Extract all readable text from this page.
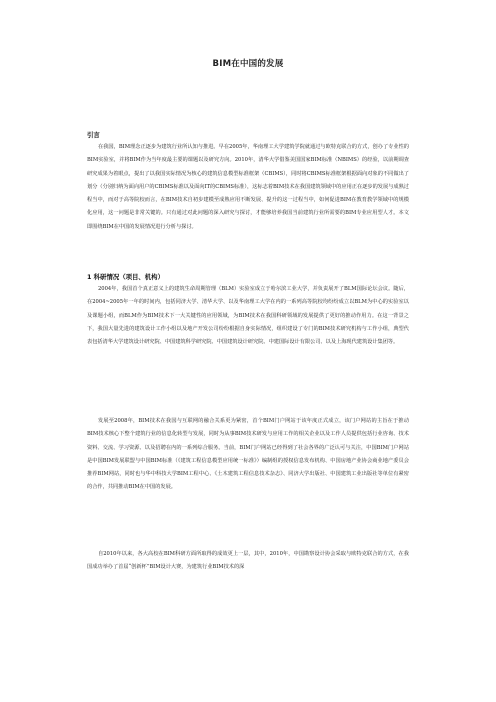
BIM在中国的发展
引言
在我国，BIM理念正逐步为建筑行业所认知与推进。早在2005年，华南理工大学建筑学院就通过与欧特克联合的方式，创办了专业性的BIM实验室，并将BIM作为当年度最主要的课题以及研究方向。2010年，清华大学借鉴美国国家BIM标准（NBIMS）的经验，以前期调查研究成果为着眼点，提出了以我国实际情况为核心的建筑信息模型标准框架（CBIMS），同时将CBIMS标准框架根据面向对象的不同做出了划分（分别归纳为面向用户的CBIMS标准以及面向IT的CBIMS标准），这标志着BIM技术在我国建筑领域中的应用正在逐步的发展与成熟过程当中，而对于高等院校而言，在BIM技术自初步建模至成熟应用不断发展、提升的这一过程当中，如何促进BIM在教育教学领域中的规模化应用，这一问题是非常关键的。只有通过对此问题的深入研究与探讨，才能够培养我国当前建筑行业所需要的BIM专业应用型人才。本文即围绕BIM在中国的发展情况进行分析与探讨。
1 科研情况（项目、机构）
2004年，我国首个真正意义上的建筑生命周期管理（BLM）实验室成立于哈尔滨工业大学，并负责展开了BLM国际论坛会议。随后，在2004~2005年一年的时间内，包括同济大学、清华大学、以及华南理工大学在内的一系列高等院校均纷纷成立以BLM为中心的实验室以及课题小组，而BLM作为BIM技术下一大关键性的应用领域，为BIM技术在我国科研领域的发展提供了更好的推动作用力。在这一背景之下，我国大量先进的建筑设计工作小组以及地产开发公司纷纷根据自身实际情况，组织建设了专门的BIM技术研究机构与工作小组，典型代表包括清华大学建筑设计研究院、中国建筑科学研究院、中国建筑设计研究院、中建国际设计有限公司、以及上海现代建筑设计集团等。
发展至2008年，BIM技术在我国与互联网的融合关系更为紧密，首个BIM门户网站于该年度正式成立，该门户网站的主旨在于推动BIM技术核心下整个建筑行业的信息化转型与发展，同时为从事BIM技术研发与应用工作的相关企业以及工作人员提供包括行业咨询、技术资料、交流、学习资源、以及招聘在内的一系列综合服务。当前，BIM门户网站已经得到了社会各界的广泛认可与关注，中国BIM门户网站是中国BIM发展联盟与中国BIM标准（《建筑工程信息模型应用统一标准》）编制组的授权信息发布机构、中国房地产业协会商业地产委员会推荐BIM网站，同时也与华中科技大学BIM工程中心、《土木建筑工程信息技术杂志》、同济大学出版社、中国建筑工业出版社等单位有紧密的合作，共同推动BIM在中国的发展。
自2010年以来，各大高校在BIM科研方面所取得的成效更上一层，其中，2010年，中国勘察设计协会采取与欧特克联合的方式，在我国成功举办了首届“创新杯”BIM设计大赛，为建筑行业BIM技术的深
